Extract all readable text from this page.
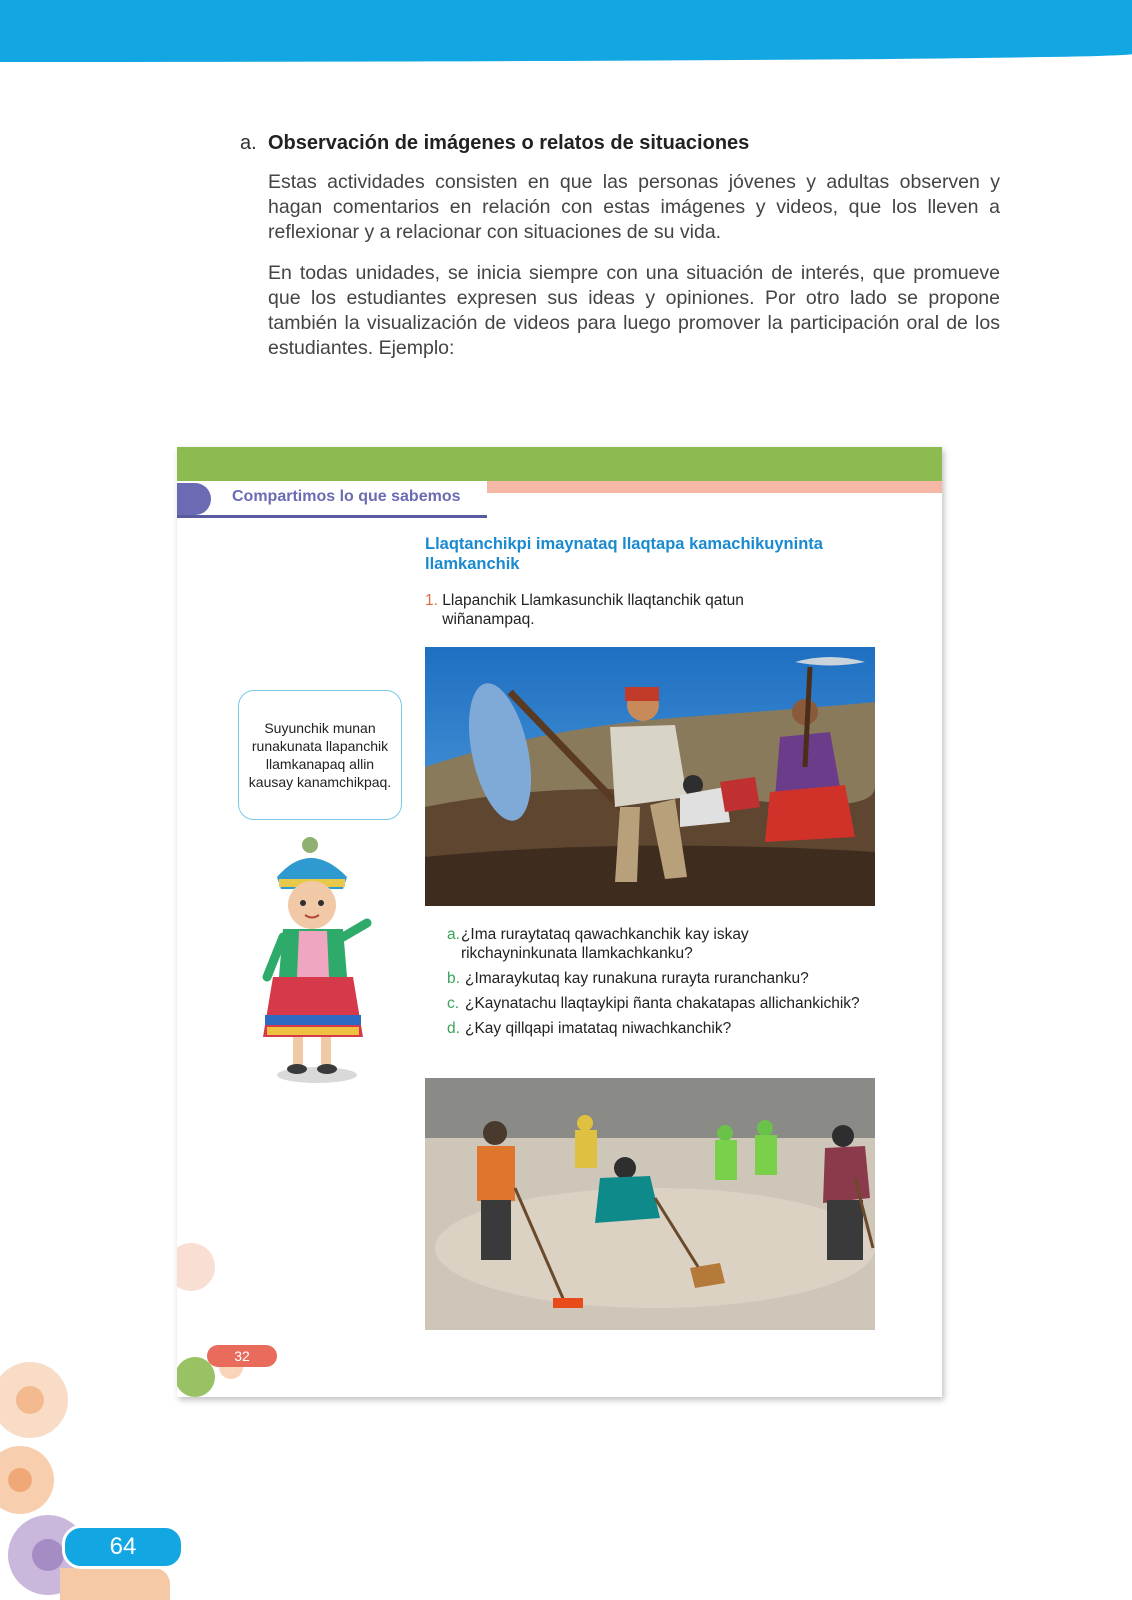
a. Observación de imágenes o relatos de situaciones

Estas actividades consisten en que las personas jóvenes y adultas observen y hagan comentarios en relación con estas imágenes y videos, que los lleven a reflexionar y a relacionar con situaciones de su vida.

En todas unidades, se inicia siempre con una situación de interés, que promueve que los estudiantes expresen sus ideas y opiniones. Por otro lado se propone también la visualización de videos para luego promover la participación oral de los estudiantes. Ejemplo:

Compartimos lo que sabemos
Llaqtanchikpi imaynataq llaqtapa kamachikuyninta llamkanchik
1. Llapanchik Llamkasunchik llaqtanchik qatun wiñanampaq.
a. ¿Ima ruraytataq qawachkanchik kay iskay rikchayninkunata llamkachkanku?
b. ¿Imaraykutaq kay runakuna rurayta ruranchanku?
c. ¿Kaynatachu llaqtaykipi ñanta chakatapas allichankichik?
d. ¿Kay qillqapi imatataq niwachkanchik?
Suyunchik munan runakunata llapanchik llamkanapaq allin kausay kanamchikpaq.
32
64
